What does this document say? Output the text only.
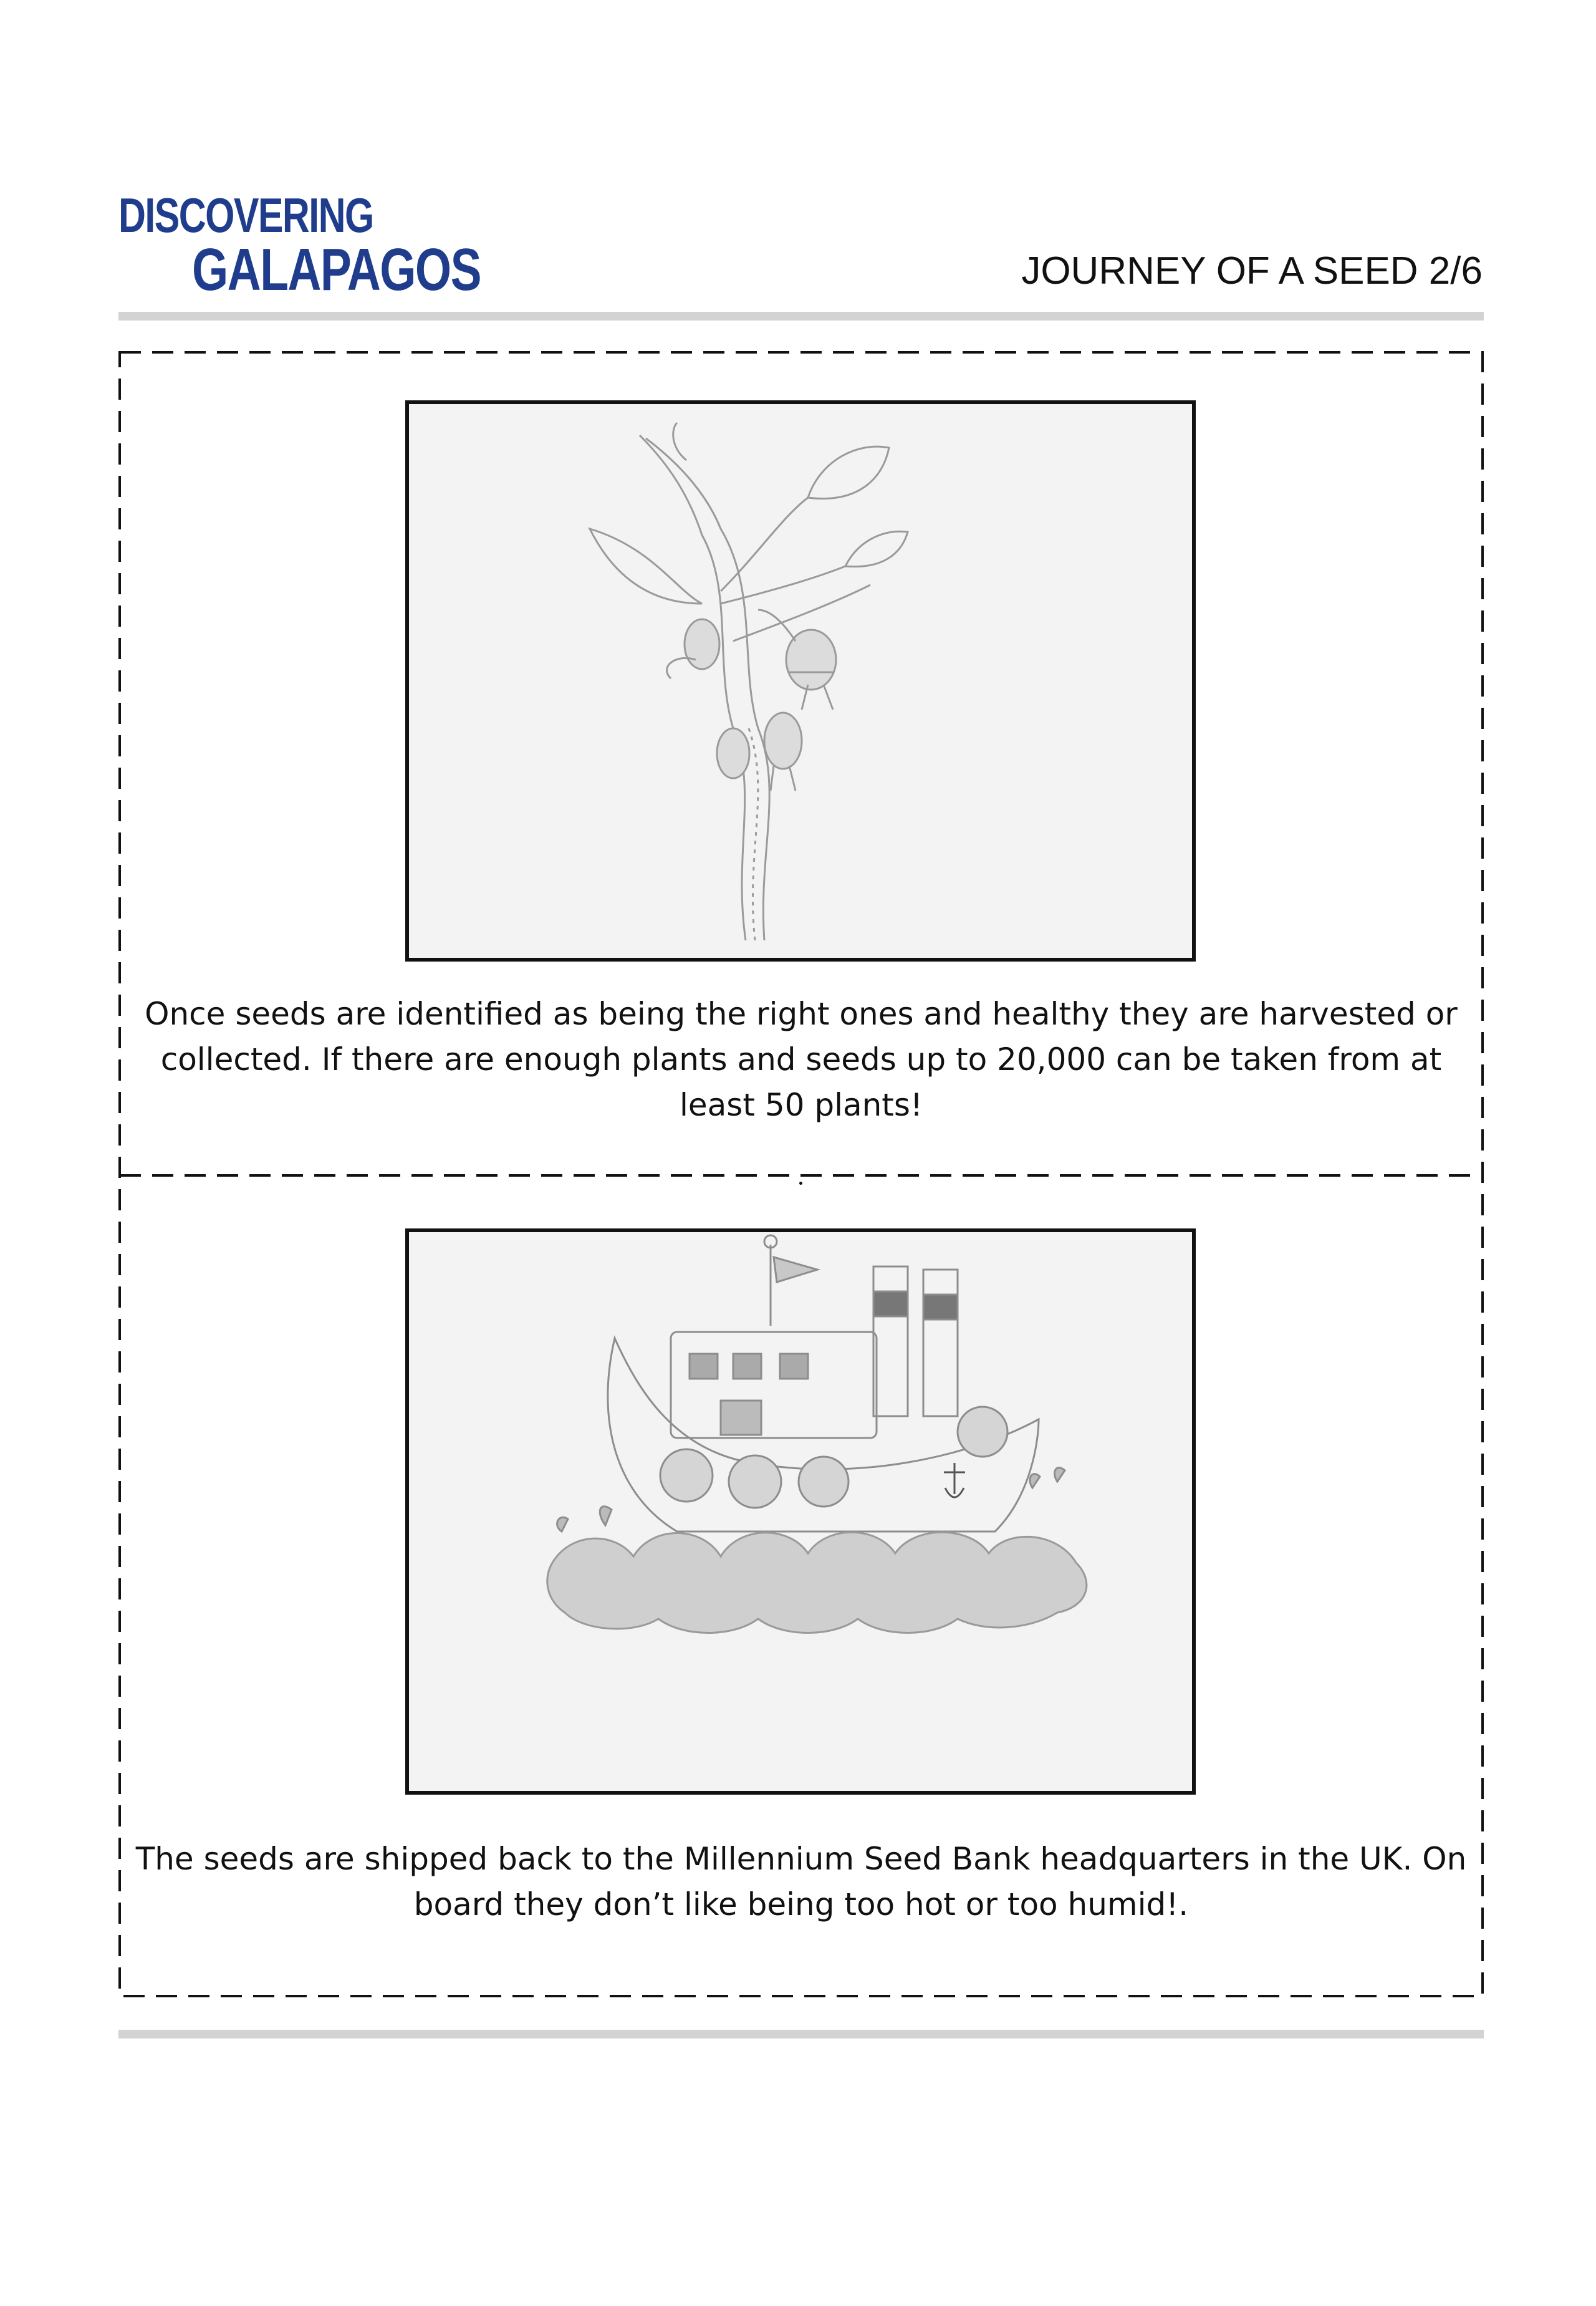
DISCOVERING
GALAPAGOS	JOURNEY OF A SEED 2/6
Once seeds are identified as being the right ones and healthy they are harvested or collected. If there are enough plants and seeds up to 20,000 can be taken from at least 50 plants!
The seeds are shipped back to the Millennium Seed Bank headquarters in the UK. On board they don’t like being too hot or too humid!.
